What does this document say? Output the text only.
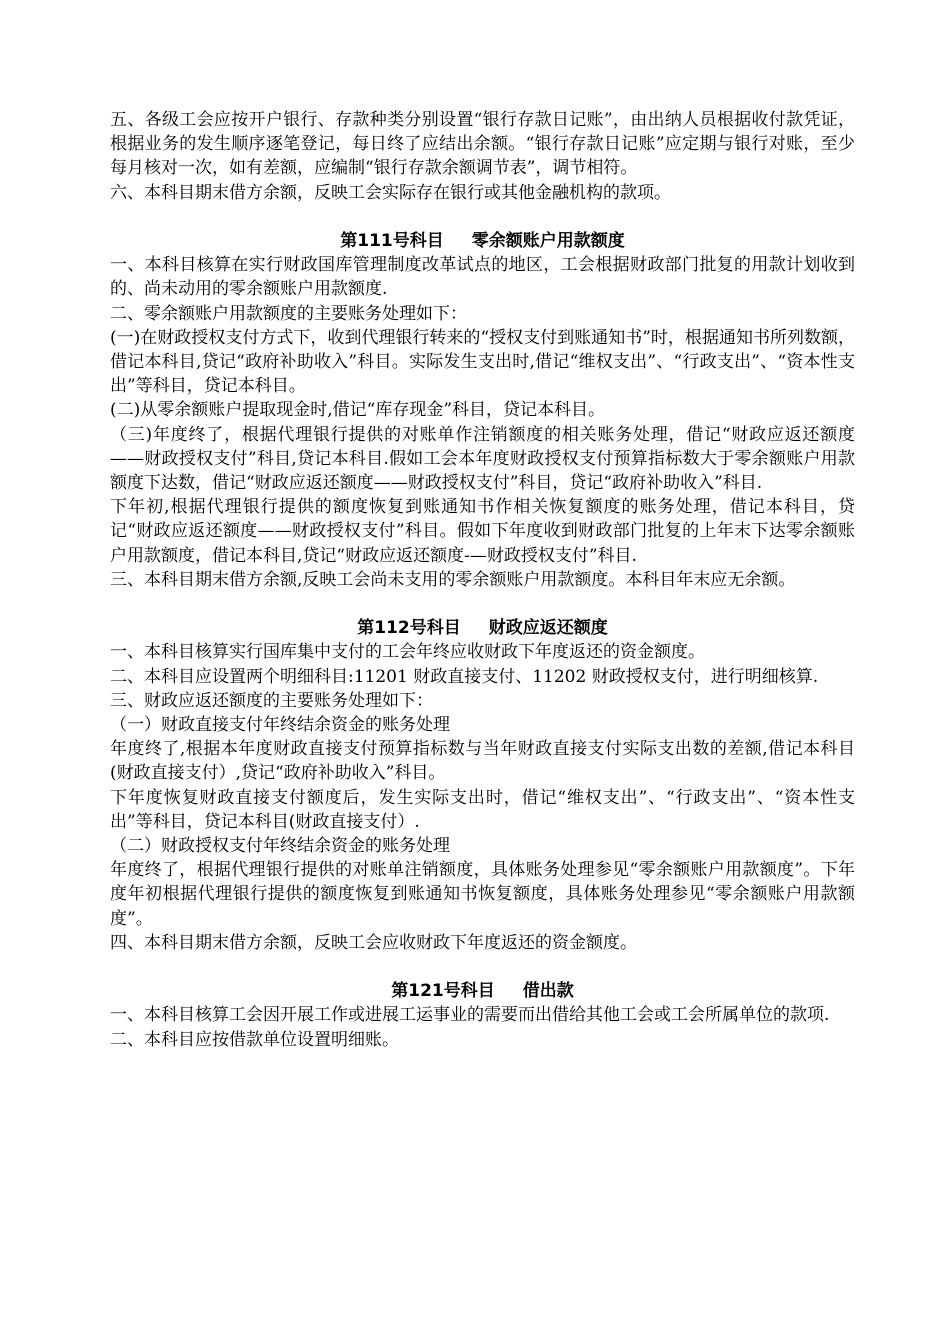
五、各级工会应按开户银行、存款种类分别设置“银行存款日记账”，由出纳人员根据收付款凭证，根据业务的发生顺序逐笔登记，每日终了应结出余额。“银行存款日记账”应定期与银行对账，至少每月核对一次，如有差额，应编制“银行存款余额调节表”，调节相符。

六、本科目期末借方余额，反映工会实际存在银行或其他金融机构的款项。

第111号科目 零余额账户用款额度

一、本科目核算在实行财政国库管理制度改革试点的地区，工会根据财政部门批复的用款计划收到的、尚未动用的零余额账户用款额度.

二、零余额账户用款额度的主要账务处理如下：

(一)在财政授权支付方式下，收到代理银行转来的“授权支付到账通知书”时，根据通知书所列数额，借记本科目,贷记“政府补助收入”科目。实际发生支出时,借记“维权支出”、“行政支出”、“资本性支出”等科目，贷记本科目。

(二)从零余额账户提取现金时,借记“库存现金”科目，贷记本科目。

（三)年度终了，根据代理银行提供的对账单作注销额度的相关账务处理，借记“财政应返还额度——财政授权支付”科目,贷记本科目.假如工会本年度财政授权支付预算指标数大于零余额账户用款额度下达数，借记“财政应返还额度——财政授权支付”科目，贷记“政府补助收入”科目.

下年初,根据代理银行提供的额度恢复到账通知书作相关恢复额度的账务处理，借记本科目，贷记“财政应返还额度——财政授权支付”科目。假如下年度收到财政部门批复的上年末下达零余额账户用款额度，借记本科目,贷记“财政应返还额度-—财政授权支付”科目.

三、本科目期末借方余额,反映工会尚未支用的零余额账户用款额度。本科目年末应无余额。

第112号科目 财政应返还额度

一、本科目核算实行国库集中支付的工会年终应收财政下年度返还的资金额度。

二、本科目应设置两个明细科目:11201 财政直接支付、11202 财政授权支付，进行明细核算.

三、财政应返还额度的主要账务处理如下：

（一）财政直接支付年终结余资金的账务处理

年度终了,根据本年度财政直接支付预算指标数与当年财政直接支付实际支出数的差额,借记本科目(财政直接支付）,贷记“政府补助收入”科目。

下年度恢复财政直接支付额度后，发生实际支出时，借记“维权支出”、“行政支出”、“资本性支出”等科目，贷记本科目(财政直接支付）.

（二）财政授权支付年终结余资金的账务处理

年度终了，根据代理银行提供的对账单注销额度，具体账务处理参见“零余额账户用款额度”。下年度年初根据代理银行提供的额度恢复到账通知书恢复额度，具体账务处理参见“零余额账户用款额度”。

四、本科目期末借方余额，反映工会应收财政下年度返还的资金额度。

第121号科目 借出款

一、本科目核算工会因开展工作或进展工运事业的需要而出借给其他工会或工会所属单位的款项.

二、本科目应按借款单位设置明细账。
